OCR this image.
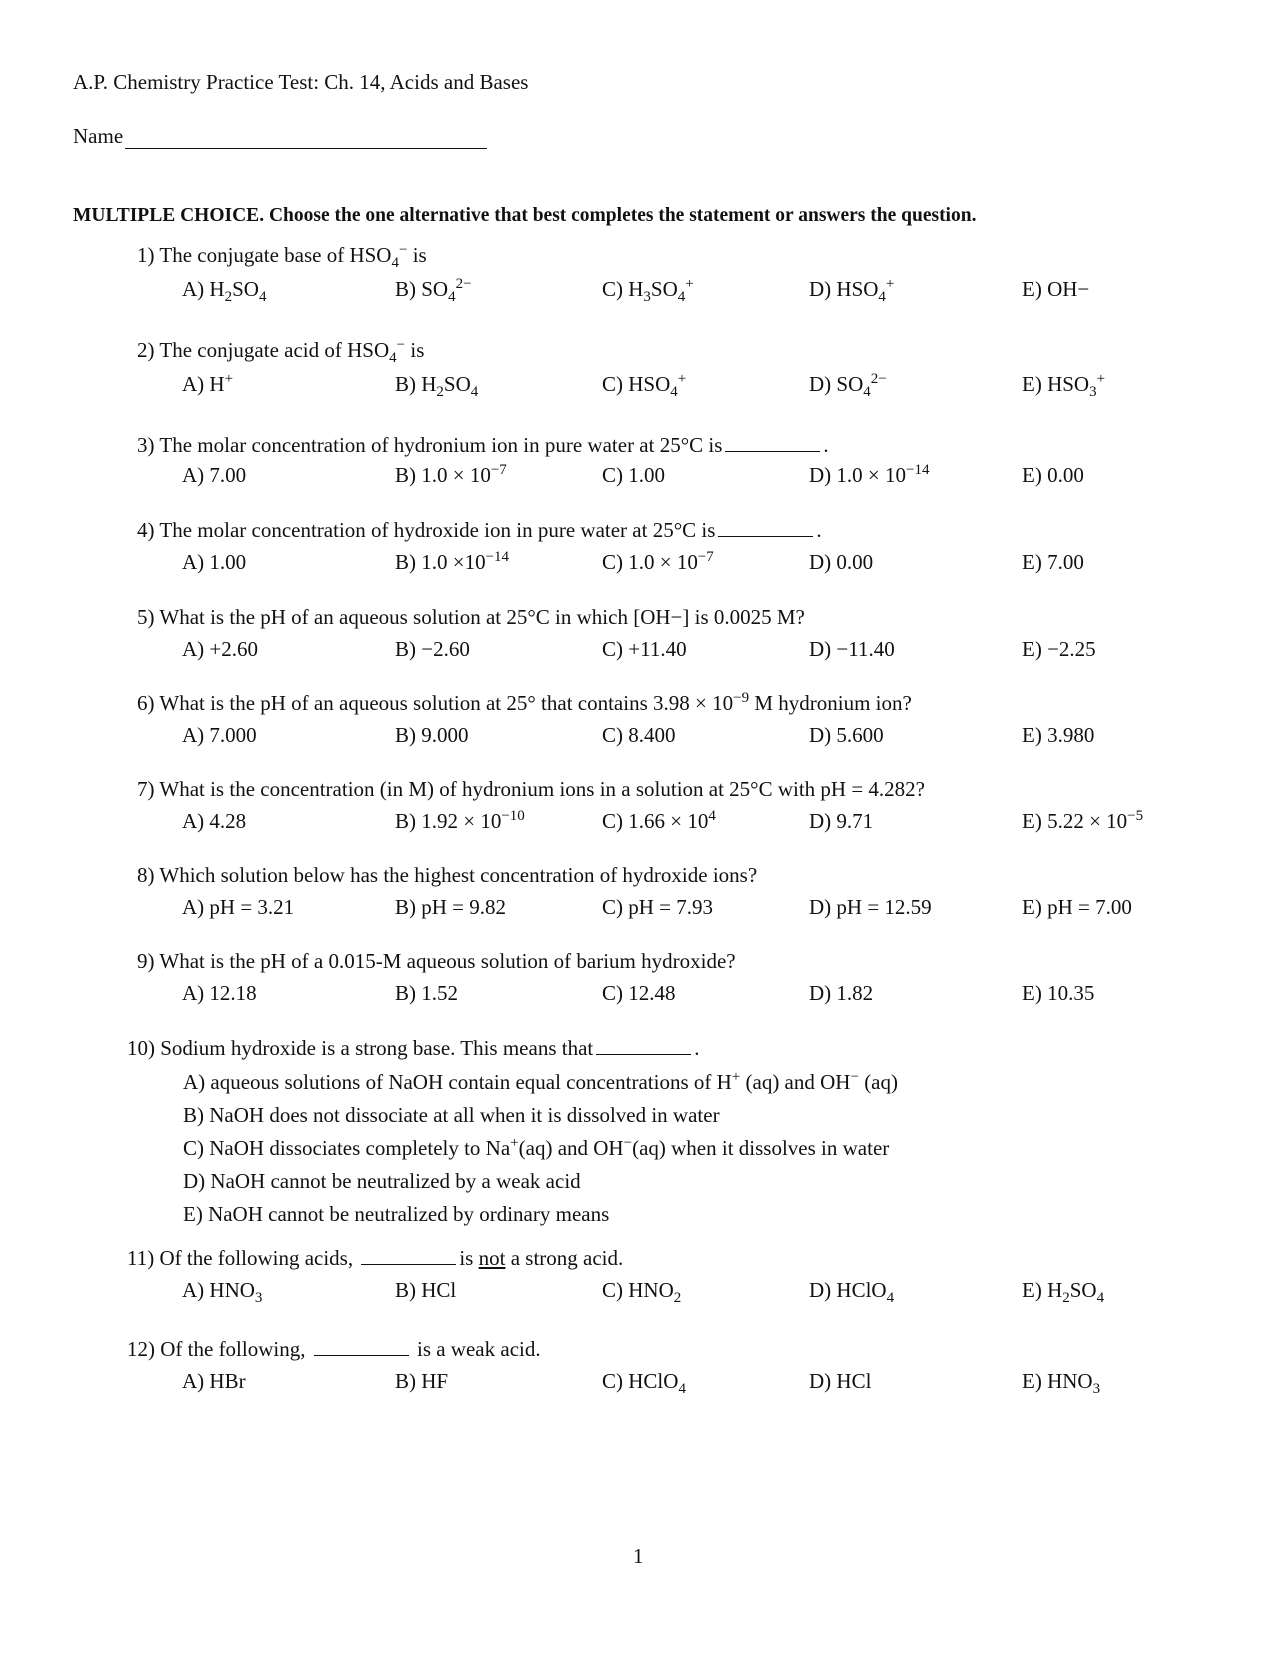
A.P. Chemistry Practice Test: Ch. 14, Acids and Bases
Name
MULTIPLE CHOICE. Choose the one alternative that best completes the statement or answers the question.
1) The conjugate base of $HSO_4^-$ is
A) $H_2SO_4$	B) $SO_4^{2-}$	C) $H_3SO_4^+$	D) $HSO_4^+$	E) OH−
2) The conjugate acid of $HSO_4^-$ is
A) H+	B) $H_2SO_4$	C) $HSO_4^+$	D) $SO_4^{2-}$	E) $HSO_3^+$
3) The molar concentration of hydronium ion in pure water at 25°C is	.
A) 7.00	B) $1.0 \times 10^{-7}$	C) 1.00	D) $1.0 \times 10^{-14}$	E) 0.00
4) The molar concentration of hydroxide ion in pure water at 25°C is	.
A) 1.00	B) $1.0 \times 10^{-14}$	C) $1.0 \times 10^{-7}$	D) 0.00	E) 7.00
5) What is the pH of an aqueous solution at 25°C in which [OH−] is 0.0025 M?
A) +2.60	B) −2.60	C) +11.40	D) −11.40	E) −2.25
6) What is the pH of an aqueous solution at 25° that contains $3.98 \times 10^{-9}$ M hydronium ion?
A) 7.000	B) 9.000	C) 8.400	D) 5.600	E) 3.980
7) What is the concentration (in M) of hydronium ions in a solution at 25°C with pH = 4.282?
A) 4.28	B) $1.92 \times 10^{-10}$	C) $1.66 \times 10^4$	D) 9.71	E) $5.22 \times 10^{-5}$
8) Which solution below has the highest concentration of hydroxide ions?
A) pH = 3.21	B) pH = 9.82	C) pH = 7.93	D) pH = 12.59	E) pH = 7.00
9) What is the pH of a 0.015-M aqueous solution of barium hydroxide?
A) 12.18	B) 1.52	C) 12.48	D) 1.82	E) 10.35
10) Sodium hydroxide is a strong base. This means that	.
A) aqueous solutions of NaOH contain equal concentrations of H+ (aq) and OH− (aq)
B) NaOH does not dissociate at all when it is dissolved in water
C) NaOH dissociates completely to Na+(aq) and OH−(aq) when it dissolves in water
D) NaOH cannot be neutralized by a weak acid
E) NaOH cannot be neutralized by ordinary means
11) Of the following acids,	is not a strong acid.
A) $HNO_3$	B) HCl	C) $HNO_2$	D) HClO$_4$	E) $H_2SO_4$
12) Of the following,	is a weak acid.
A) HBr	B) HF	C) HClO$_4$	D) HCl	E) $HNO_3$
1
